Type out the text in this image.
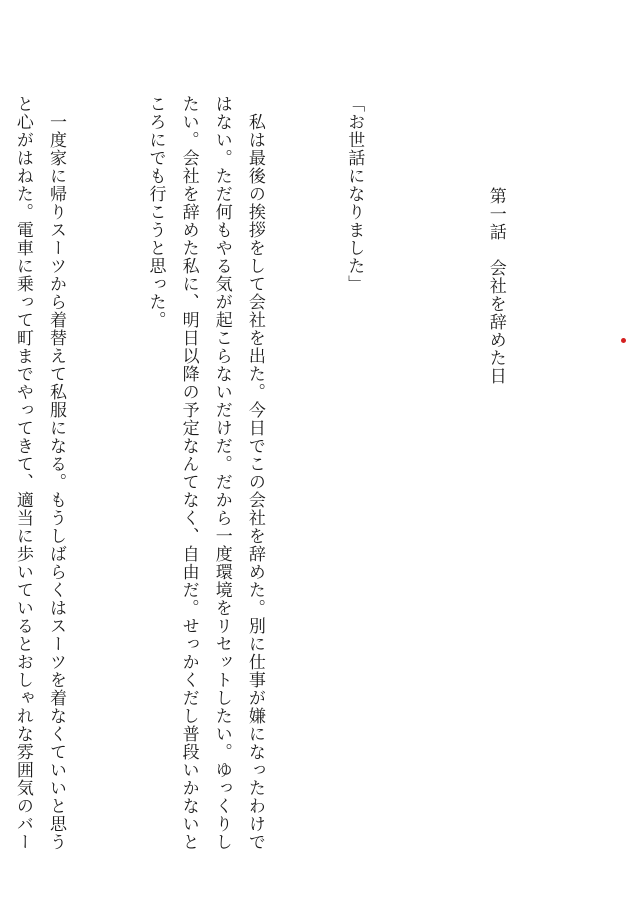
第一話　会社を辞めた日

「お世話になりました」

　私は最後の挨拶をして会社を出た。今日でこの会社を辞めた。別に仕事が嫌になったわけではない。ただ何もやる気が起こらないだけだ。だから一度環境をリセットしたい。ゆっくりしたい。会社を辞めた私に、明日以降の予定なんてなく、自由だ。せっかくだし普段いかないところにでも行こうと思った。

　一度家に帰りスーツから着替えて私服になる。もうしばらくはスーツを着なくていいと思うと心がはねた。電車に乗って町までやってきて、適当に歩いているとおしゃれな雰囲気のバー
